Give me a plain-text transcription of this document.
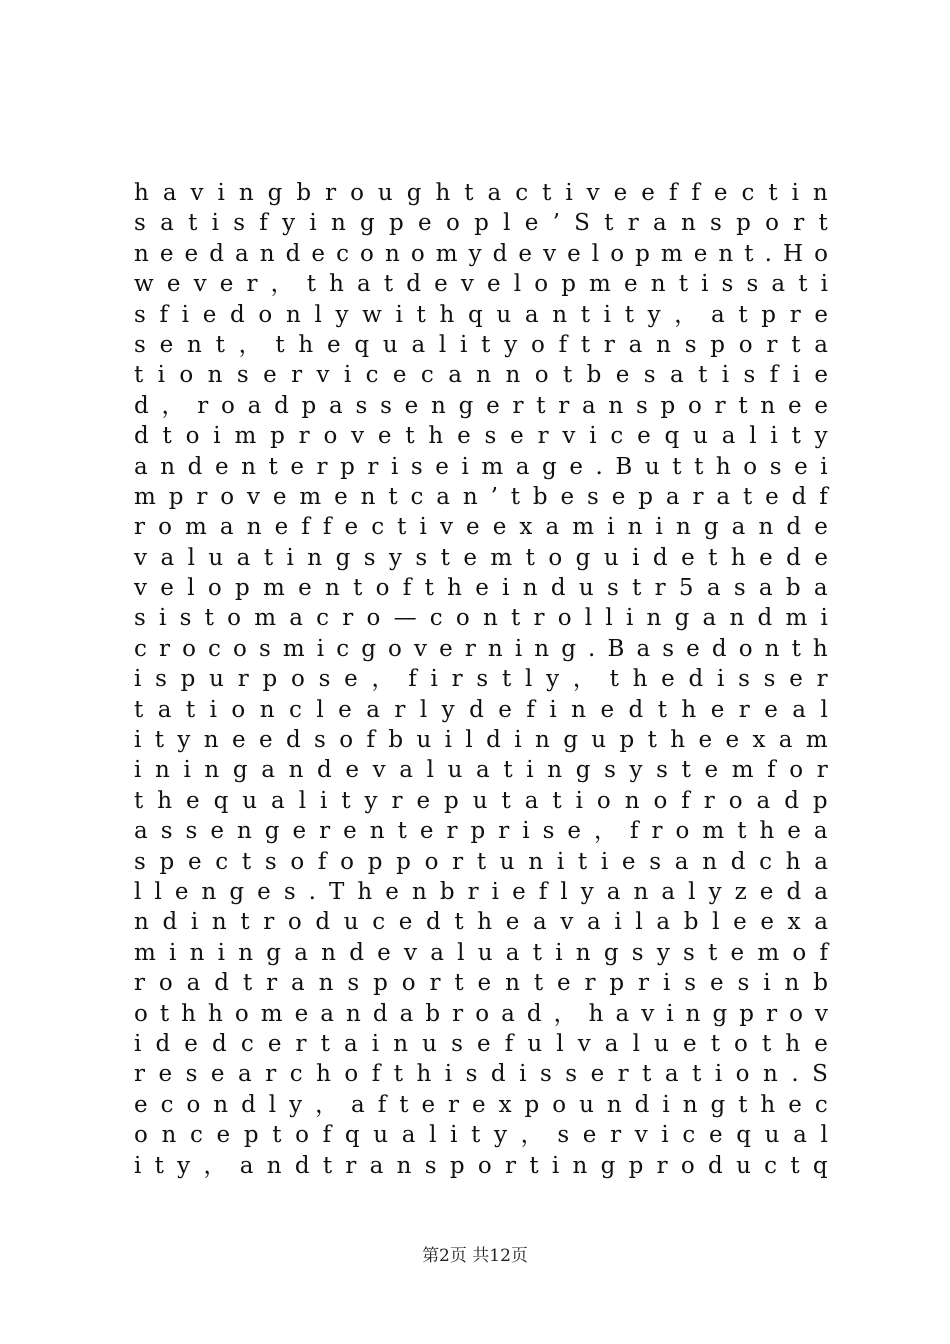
h a v i n g b r o u g h t a c t i v e e f f e c t i n
s a t i s f y i n g p e o p l e ’ S t r a n s p o r t
n e e d a n d e c o n o m y d e v e l o p m e n t . H o
w e v e r ， t h a t d e v e l o p m e n t i s s a t i
s f i e d o n l y w i t h q u a n t i t y ， a t p r e
s e n t ， t h e q u a l i t y o f t r a n s p o r t a
t i o n s e r v i c e c a n n o t b e s a t i s f i e
d ， r o a d p a s s e n g e r t r a n s p o r t n e e
d t o i m p r o v e t h e s e r v i c e q u a l i t y
a n d e n t e r p r i s e i m a g e . B u t t h o s e i
m p r o v e m e n t c a n ’ t b e s e p a r a t e d f
r o m a n e f f e c t i v e e x a m i n i n g a n d e
v a l u a t i n g s y s t e m t o g u i d e t h e d e
v e l o p m e n t o f t h e i n d u s t r 5 a s a b a
s i s t o m a c r o — c o n t r o l l i n g a n d m i
c r o c o s m i c g o v e r n i n g . B a s e d o n t h
i s p u r p o s e ， f i r s t l y ， t h e d i s s e r
t a t i o n c l e a r l y d e f i n e d t h e r e a l
i t y n e e d s o f b u i l d i n g u p t h e e x a m
i n i n g a n d e v a l u a t i n g s y s t e m f o r
t h e q u a l i t y r e p u t a t i o n o f r o a d p
a s s e n g e r e n t e r p r i s e ， f r o m t h e a
s p e c t s o f o p p o r t u n i t i e s a n d c h a
l l e n g e s . T h e n b r i e f l y a n a l y z e d a
n d i n t r o d u c e d t h e a v a i l a b l e e x a
m i n i n g a n d e v a l u a t i n g s y s t e m o f
r o a d t r a n s p o r t e n t e r p r i s e s i n b
o t h h o m e a n d a b r o a d ， h a v i n g p r o v
i d e d c e r t a i n u s e f u l v a l u e t o t h e
r e s e a r c h o f t h i s d i s s e r t a t i o n . S
e c o n d l y ， a f t e r e x p o u n d i n g t h e c
o n c e p t o f q u a l i t y ， s e r v i c e q u a l
i t y ， a n d t r a n s p o r t i n g p r o d u c t q
第2页 共12页
